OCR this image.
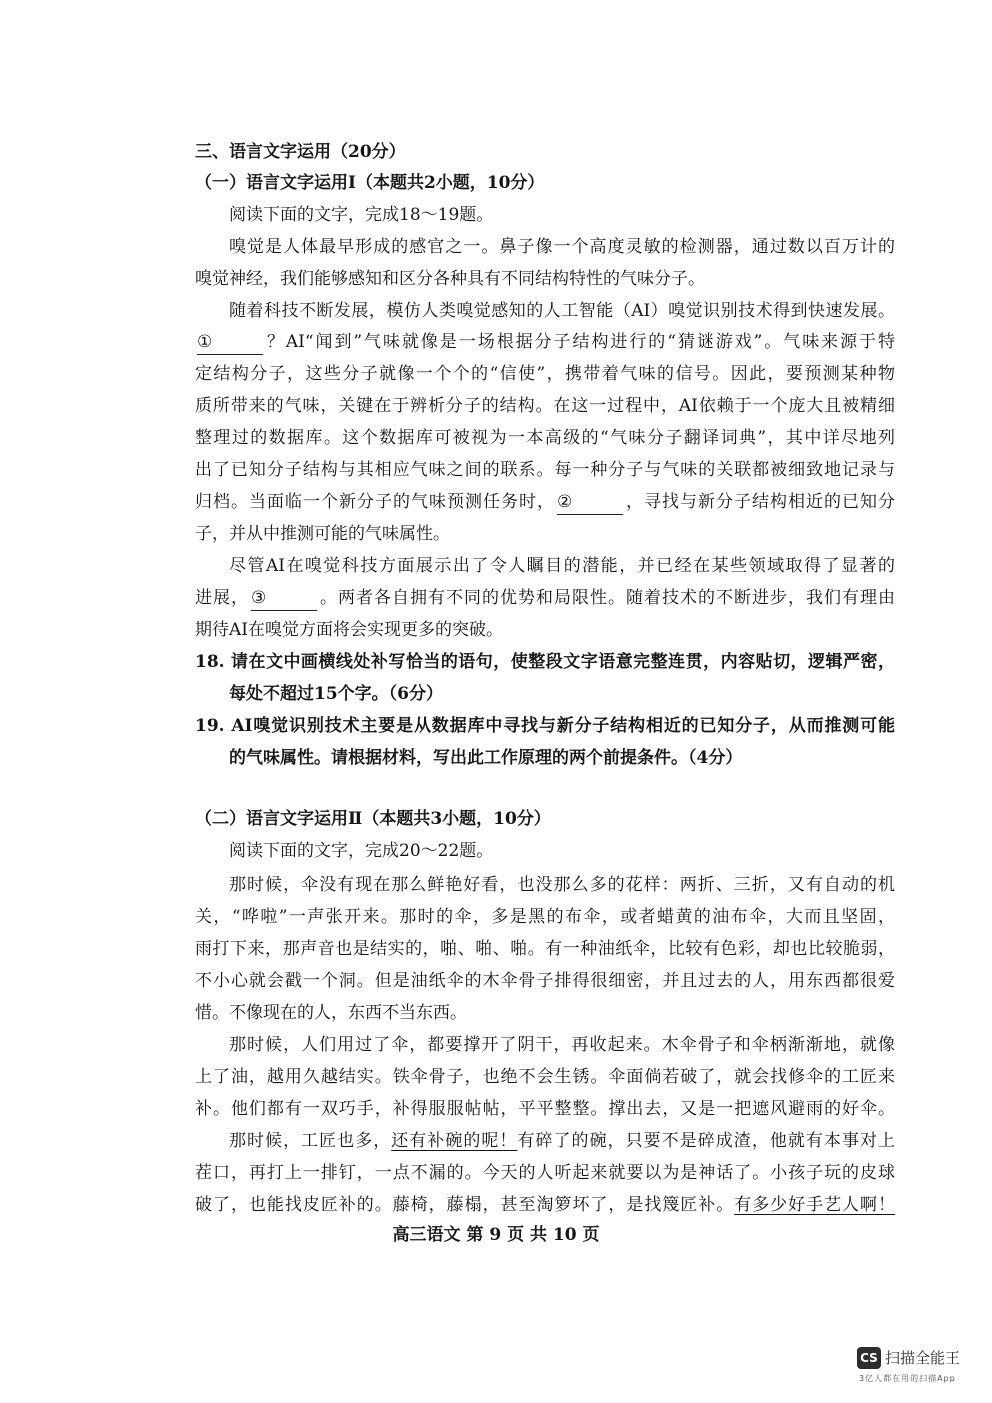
三、语言文字运用（20分）
（一）语言文字运用Ⅰ（本题共2小题，10分）
阅读下面的文字，完成18～19题。
嗅觉是人体最早形成的感官之一。鼻子像一个高度灵敏的检测器，通过数以百万计的
嗅觉神经，我们能够感知和区分各种具有不同结构特性的气味分子。
随着科技不断发展，模仿人类嗅觉感知的人工智能（AI）嗅觉识别技术得到快速发展。
①	？AI“闻到”气味就像是一场根据分子结构进行的“猜谜游戏”。气味来源于特
定结构分子，这些分子就像一个个的“信使”，携带着气味的信号。因此，要预测某种物
质所带来的气味，关键在于辨析分子的结构。在这一过程中，AI依赖于一个庞大且被精细
整理过的数据库。这个数据库可被视为一本高级的“气味分子翻译词典”，其中详尽地列
出了已知分子结构与其相应气味之间的联系。每一种分子与气味的关联都被细致地记录与
归档。当面临一个新分子的气味预测任务时， ②	，寻找与新分子结构相近的已知分
子，并从中推测可能的气味属性。
尽管AI在嗅觉科技方面展示出了令人瞩目的潜能，并已经在某些领域取得了显著的
进展， ③	。两者各自拥有不同的优势和局限性。随着技术的不断进步，我们有理由
期待AI在嗅觉方面将会实现更多的突破。
18. 请在文中画横线处补写恰当的语句，使整段文字语意完整连贯，内容贴切，逻辑严密，
每处不超过15个字。（6分）
19. AI嗅觉识别技术主要是从数据库中寻找与新分子结构相近的已知分子，从而推测可能
的气味属性。请根据材料，写出此工作原理的两个前提条件。（4分）
（二）语言文字运用Ⅱ（本题共3小题，10分）
阅读下面的文字，完成20～22题。
那时候，伞没有现在那么鲜艳好看，也没那么多的花样：两折、三折，又有自动的机
关，“哗啦”一声张开来。那时的伞，多是黑的布伞，或者蜡黄的油布伞，大而且坚固，
雨打下来，那声音也是结实的，啪、啪、啪。有一种油纸伞，比较有色彩，却也比较脆弱，
不小心就会戳一个洞。但是油纸伞的木伞骨子排得很细密，并且过去的人，用东西都很爱
惜。不像现在的人，东西不当东西。
那时候，人们用过了伞，都要撑开了阴干，再收起来。木伞骨子和伞柄渐渐地，就像
上了油，越用久越结实。铁伞骨子，也绝不会生锈。伞面倘若破了，就会找修伞的工匠来
补。他们都有一双巧手，补得服服帖帖，平平整整。撑出去，又是一把遮风避雨的好伞。
那时候，工匠也多，还有补碗的呢！有碎了的碗，只要不是碎成渣，他就有本事对上
茬口，再打上一排钉，一点不漏的。今天的人听起来就要以为是神话了。小孩子玩的皮球
破了，也能找皮匠补的。藤椅，藤榻，甚至淘箩坏了，是找篾匠补。有多少好手艺人啊！
高三语文 第 9 页 共 10 页
CS 扫描全能王
3亿人都在用的扫描App
